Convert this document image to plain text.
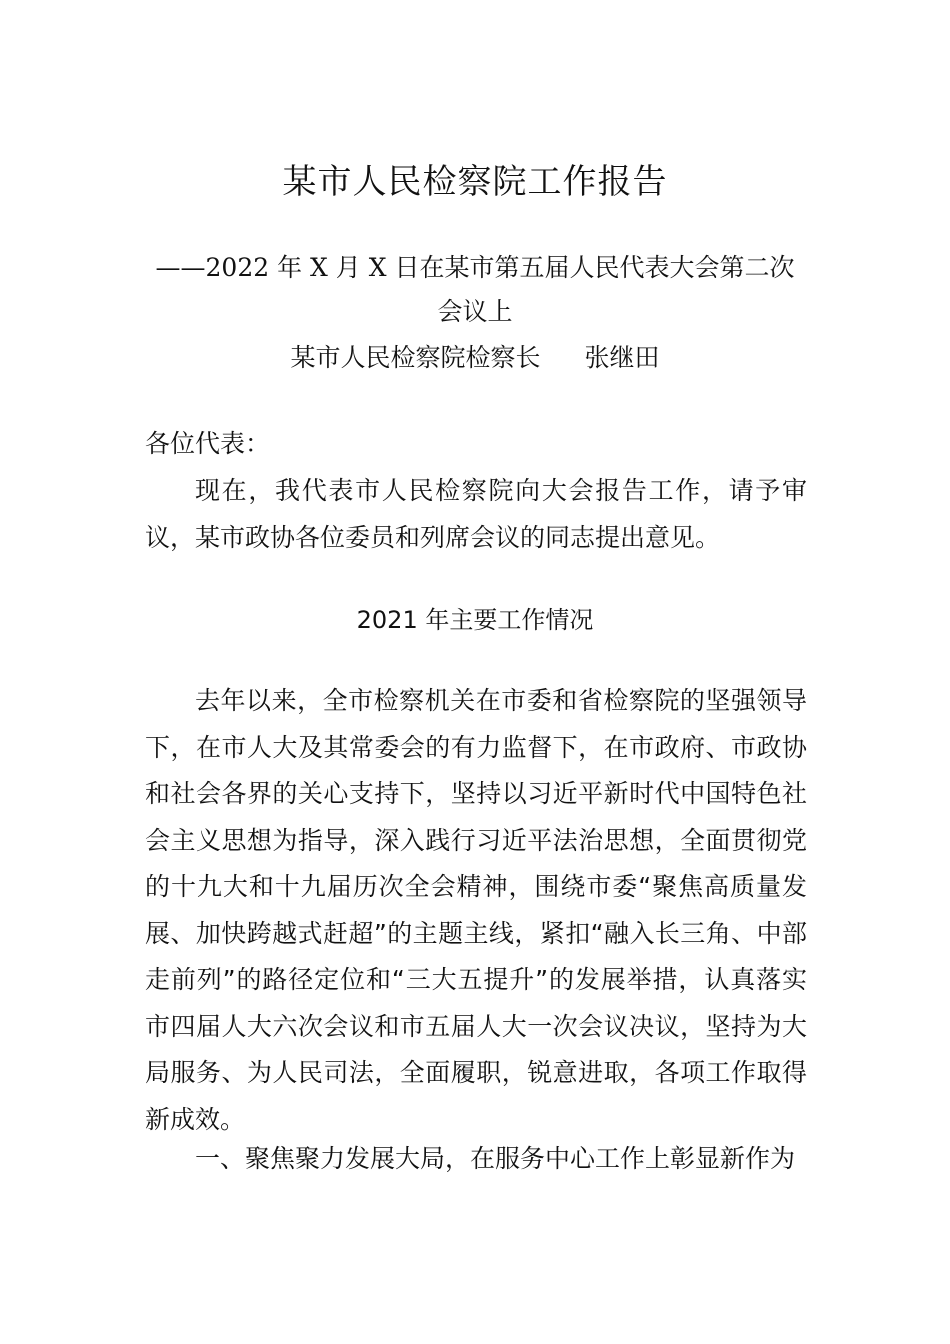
某市人民检察院工作报告
——2022 年 X 月 X 日在某市第五届人民代表大会第二次会议上
某市人民检察院检察长 张继田
各位代表：
现在，我代表市人民检察院向大会报告工作，请予审议，某市政协各位委员和列席会议的同志提出意见。
2021 年主要工作情况
去年以来，全市检察机关在市委和省检察院的坚强领导下，在市人大及其常委会的有力监督下，在市政府、市政协和社会各界的关心支持下，坚持以习近平新时代中国特色社会主义思想为指导，深入践行习近平法治思想，全面贯彻党的十九大和十九届历次全会精神，围绕市委“聚焦高质量发展、加快跨越式赶超”的主题主线，紧扣“融入长三角、中部走前列”的路径定位和“三大五提升”的发展举措，认真落实市四届人大六次会议和市五届人大一次会议决议，坚持为大局服务、为人民司法，全面履职，锐意进取，各项工作取得新成效。
一、聚焦聚力发展大局，在服务中心工作上彰显新作为
